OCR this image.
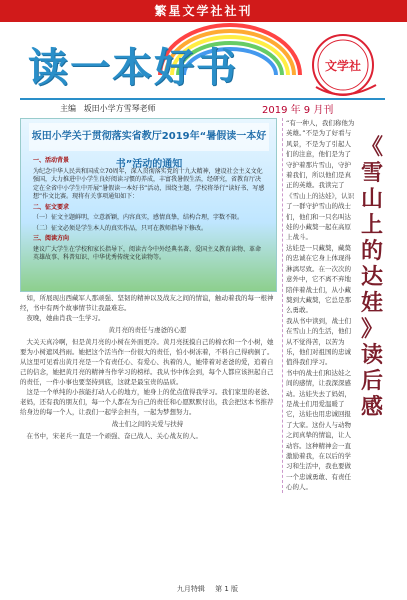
繁星文学社社刊
读一本好书	文学社
主编 坂田小学方雪琴老师	2019 年 9 月刊
坂田小学关于贯彻落实省教厅2019年“暑假读一本好书”活动的通知

一、活动背景

为纪念中华人民共和国成立70周年，深入贯彻落实党的十九大精神，建设社会主义文化强国，大力推进中小学生良好阅读习惯的养成，丰富我暑假生活，经研究，省教育厅决定在全省中小学生中开展“暑假读一本好书”活动，围绕主题，学校将举行“读好书、写感想”作文比赛。现将有关事项通知如下：

二、征文要求

（一）征文主题鲜明，立意新颖，内容真实，感情真挚，结构合理，字数不限。

（二）征文必须是学生本人的真实作品，只可在教师指导下修改。

三、阅读方向

建议广大学生在学校和家长指导下，阅读古今中外经典名著、爱国主义教育读物、革命英雄故事、科普知识、中华优秀传统文化读物等。

如，所展现出西藏军人那顽强、坚韧的精神以及战友之间的情谊，触动着我的每一根神经，书中有两个故事情节让我最难忘。

夜晚，她曲肖我一生学习。

黄月亮的责任与虔爸的心愿

大关天真冷啊，但是黄月亮的小树在外面更冷。黄月亮抚摸自己的棉衣和一个小树，她要为小树遮风挡雨。她把这个活当作一份很大的责任，怕小树冻着，不料自己得病倒了。从这里可见看出黄月亮是一个有责任心、有爱心、执着的人，她带着对老爸的爱，追着自己的信念，她把黄月亮的精神当作学习的榜样。我从书中体会到，每个人都应该担起自己的责任，一件小事也要坚持到底，这就是最宝贵的品质。

这是一个单纯的小孩能打动人心的地方，她身上的优点值得我学习。我们家里的老爸、老妈，还有我的朋友们，每一个人都在为自己的责任和心愿默默付出，我会把这本书推荐给身边的每一个人，让我们一起学会担当，一起为梦想努力。

战士们之间的关爱与扶持

在书中，宋老兵一直是一个顽强、奋已战人、关心战友的人。

“有一种人，我们称他为英雄。”不是为了好看与风景，不是为了引起人们的注意，他们是为了守护着那片雪山，守护着我们，所以他们是真正的英雄。我读完了《雪山上的达娃》，认识了一群守护雪山的战士们，他们和一只名叫达娃的小藏獒一起在高原上战斗。

达娃是一只藏獒，藏獒的忠诚在它身上体现得淋漓尽致。在一次次的意外中，它不离不弃地陪伴着战士们，从小藏獒到大藏獒，它总是那么勇敢。

我从书中读到，战士们在雪山上的生活，他们从不觉得苦，以苦为乐，他们对祖国的忠诚值得我们学习。

书中的战士们和达娃之间的感情，让我深深感动。达娃失去了妈妈，是战士们用爱温暖了它，达娃也用忠诚回报了大家。这份人与动物之间真挚的情谊，让人动容。这种精神会一直激励着我，在以后的学习和生活中，我也要做一个忠诚勇敢、有责任心的人。

《
雪
山
上
的
达
娃
》
读
后
感
九月特辑 第 1 版
